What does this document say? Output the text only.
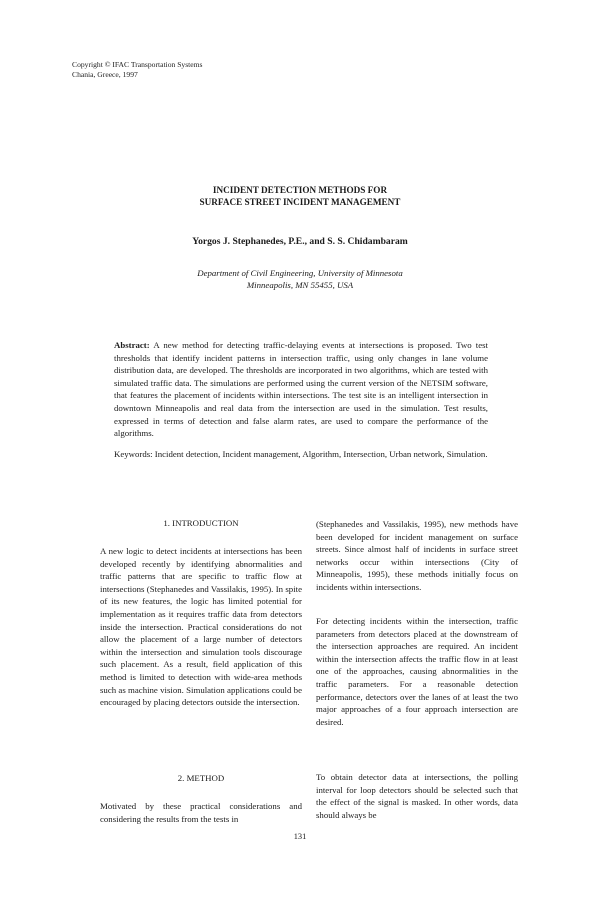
Copyright © IFAC Transportation Systems
Chania, Greece, 1997
INCIDENT DETECTION METHODS FOR
SURFACE STREET INCIDENT MANAGEMENT
Yorgos J. Stephanedes, P.E., and S. S. Chidambaram
Department of Civil Engineering, University of Minnesota
Minneapolis, MN 55455, USA
Abstract: A new method for detecting traffic-delaying events at intersections is proposed. Two test thresholds that identify incident patterns in intersection traffic, using only changes in lane volume distribution data, are developed. The thresholds are incorporated in two algorithms, which are tested with simulated traffic data. The simulations are performed using the current version of the NETSIM software, that features the placement of incidents within intersections. The test site is an intelligent intersection in downtown Minneapolis and real data from the intersection are used in the simulation. Test results, expressed in terms of detection and false alarm rates, are used to compare the performance of the algorithms.
Keywords: Incident detection, Incident management, Algorithm, Intersection, Urban network, Simulation.
1. INTRODUCTION

A new logic to detect incidents at intersections has been developed recently by identifying abnormalities and traffic patterns that are specific to traffic flow at intersections (Stephanedes and Vassilakis, 1995). In spite of its new features, the logic has limited potential for implementation as it requires traffic data from detectors inside the intersection. Practical considerations do not allow the placement of a large number of detectors within the intersection and simulation tools discourage such placement. As a result, field application of this method is limited to detection with wide-area methods such as machine vision. Simulation applications could be encouraged by placing detectors outside the intersection.

2. METHOD

Motivated by these practical considerations and considering the results from the tests in

(Stephanedes and Vassilakis, 1995), new methods have been developed for incident management on surface streets. Since almost half of incidents in surface street networks occur within intersections (City of Minneapolis, 1995), these methods initially focus on incidents within intersections.

For detecting incidents within the intersection, traffic parameters from detectors placed at the downstream of the intersection approaches are required. An incident within the intersection affects the traffic flow in at least one of the approaches, causing abnormalities in the traffic parameters. For a reasonable detection performance, detectors over the lanes of at least the two major approaches of a four approach intersection are desired.

To obtain detector data at intersections, the polling interval for loop detectors should be selected such that the effect of the signal is masked. In other words, data should always be

131
